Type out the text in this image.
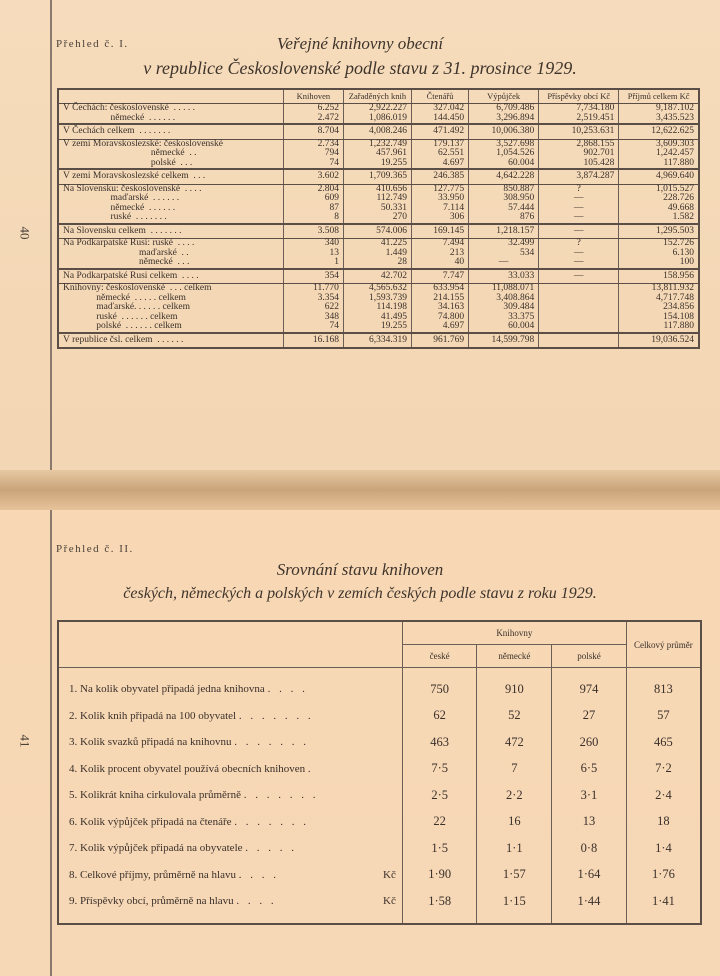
40
Přehled č. I.	Veřejné knihovny obecní
v republice Československé podle stavu z 31. prosince 1929.
	Knihoven	Zařaděných knih	Čtenářů	Výpůjček	Příspěvky obcí Kč	Příjmů celkem Kč
V Čechách: československé  . . . . .	6.252	2,922.227	327.042	6,709.486	7,734.180	9,187.102
německé  . . . . . .	2.472	1,086.019	144.450	3,296.894	2,519.451	3,435.523
V Čechách celkem  . . . . . . .	8.704	4,008.246	471.492	10,006.380	10,253.631	12,622.625
V zemi Moravskoslezské: československé	2.734	1,232.749	179.137	3,527.698	2,868.155	3,609.303
německé  . .	794	457.961	62.551	1,054.526	902.701	1,242.457
polské  . . .	74	19.255	4.697	60.004	105.428	117.880
V zemi Moravskoslezské celkem  . . .	3.602	1,709.365	246.385	4,642.228	3,874.287	4,969.640
Na Slovensku: československé  . . . .	2.804	410.656	127.775	850.887	?	1,015.527
maďarské  . . . . . .	609	112.749	33.950	308.950	—	228.726
německé  . . . . . .	87	50.331	7.114	57.444	—	49.668
ruské  . . . . . . .	8	270	306	876	—	1.582
Na Slovensku celkem  . . . . . . .	3.508	574.006	169.145	1,218.157	—	1,295.503
Na Podkarpatské Rusi: ruské  . . . .	340	41.225	7.494	32.499	?	152.726
maďarské  . .	13	1.449	213	534	—	6.130
německé  . . .	1	28	40	—	—	100
Na Podkarpatské Rusi celkem  . . . .	354	42.702	7.747	33.033	—	158.956
Knihovny: československé  . . . celkem	11.770	4,565.632	633.954	11,088.071		13,811.932
německé  . . . . . celkem	3.354	1,593.739	214.155	3,408.864		4,717.748
maďarské. . . . . . celkem	622	114.198	34.163	309.484		234.856
ruské  . . . . . . celkem	348	41.495	74.800	33.375		154.108
polské  . . . . . . celkem	74	19.255	4.697	60.004		117.880
V republice čsl. celkem  . . . . . .	16.168	6,334.319	961.769	14,599.798		19,036.524
41
Přehled č. II.
Srovnání stavu knihoven
českých, německých a polských v zemích českých podle stavu z roku 1929.
	Knihovny			Celkový průměr
	české	německé	polské	
1. Na kolik obyvatel připadá jedna knihovna . . . .	750	910	974	813
2. Kolik knih připadá na 100 obyvatel . . . . . . .	62	52	27	57
3. Kolik svazků připadá na knihovnu . . . . . . .	463	472	260	465
4. Kolik procent obyvatel používá obecních knihoven .	7·5	7	6·5	7·2
5. Kolikrát kniha cirkulovala průměrně . . . . . . .	2·5	2·2	3·1	2·4
6. Kolik výpůjček připadá na čtenáře . . . . . . .	22	16	13	18
7. Kolik výpůjček připadá na obyvatele . . . . .	1·5	1·1	0·8	1·4
8. Celkové příjmy, průměrně na hlavu . . . . Kč	1·90	1·57	1·64	1·76
9. Příspěvky obcí, průměrně na hlavu . . . . Kč	1·58	1·15	1·44	1·41
